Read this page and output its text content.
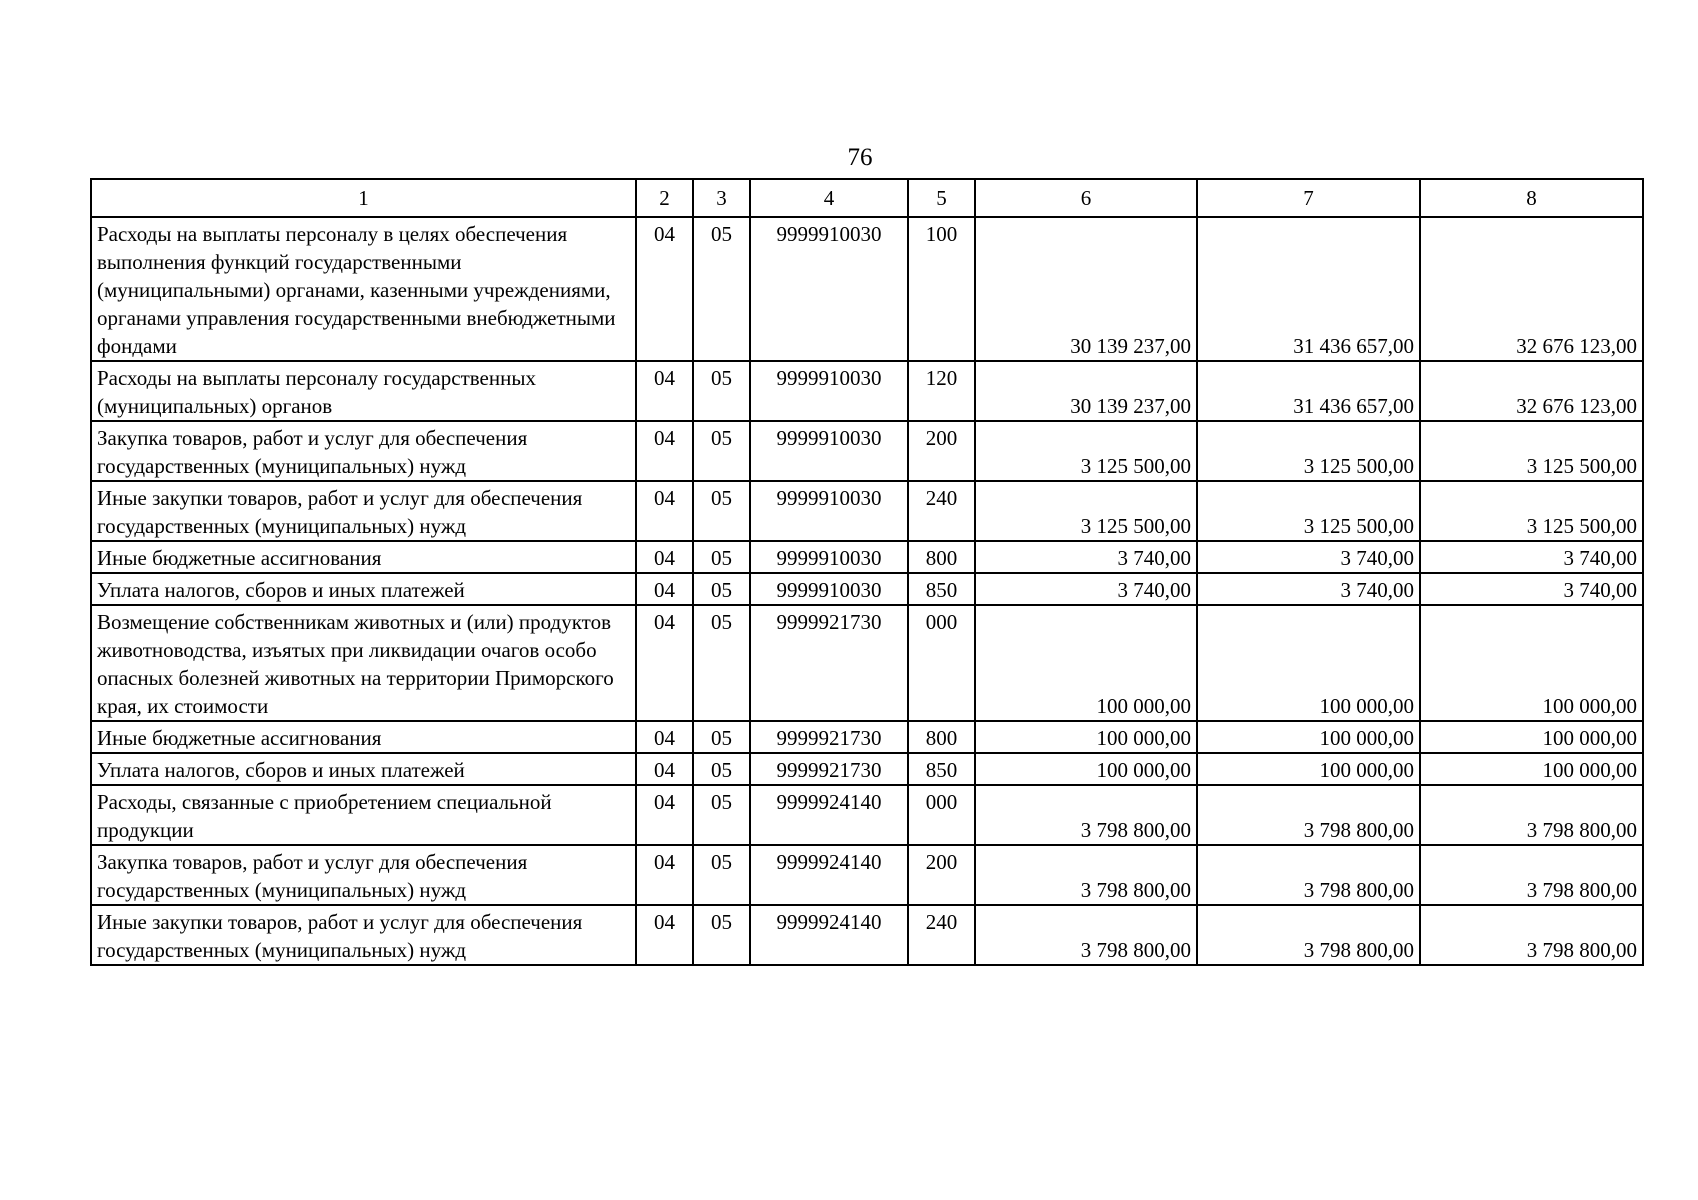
76
1	2	3	4	5	6	7	8
Расходы на выплаты персоналу в целях обеспечения выполнения функций государственными (муниципальными) органами, казенными учреждениями, органами управления государственными внебюджетными фондами	04	05	9999910030	100	30 139 237,00	31 436 657,00	32 676 123,00
Расходы на выплаты персоналу государственных (муниципальных) органов	04	05	9999910030	120	30 139 237,00	31 436 657,00	32 676 123,00
Закупка товаров, работ и услуг для обеспечения государственных (муниципальных) нужд	04	05	9999910030	200	3 125 500,00	3 125 500,00	3 125 500,00
Иные закупки товаров, работ и услуг для обеспечения государственных (муниципальных) нужд	04	05	9999910030	240	3 125 500,00	3 125 500,00	3 125 500,00
Иные бюджетные ассигнования	04	05	9999910030	800	3 740,00	3 740,00	3 740,00
Уплата налогов, сборов и иных платежей	04	05	9999910030	850	3 740,00	3 740,00	3 740,00
Возмещение собственникам животных и (или) продуктов животноводства, изъятых при ликвидации очагов особо опасных болезней животных на территории Приморского края, их стоимости	04	05	9999921730	000	100 000,00	100 000,00	100 000,00
Иные бюджетные ассигнования	04	05	9999921730	800	100 000,00	100 000,00	100 000,00
Уплата налогов, сборов и иных платежей	04	05	9999921730	850	100 000,00	100 000,00	100 000,00
Расходы, связанные с приобретением специальной продукции	04	05	9999924140	000	3 798 800,00	3 798 800,00	3 798 800,00
Закупка товаров, работ и услуг для обеспечения государственных (муниципальных) нужд	04	05	9999924140	200	3 798 800,00	3 798 800,00	3 798 800,00
Иные закупки товаров, работ и услуг для обеспечения государственных (муниципальных) нужд	04	05	9999924140	240	3 798 800,00	3 798 800,00	3 798 800,00
